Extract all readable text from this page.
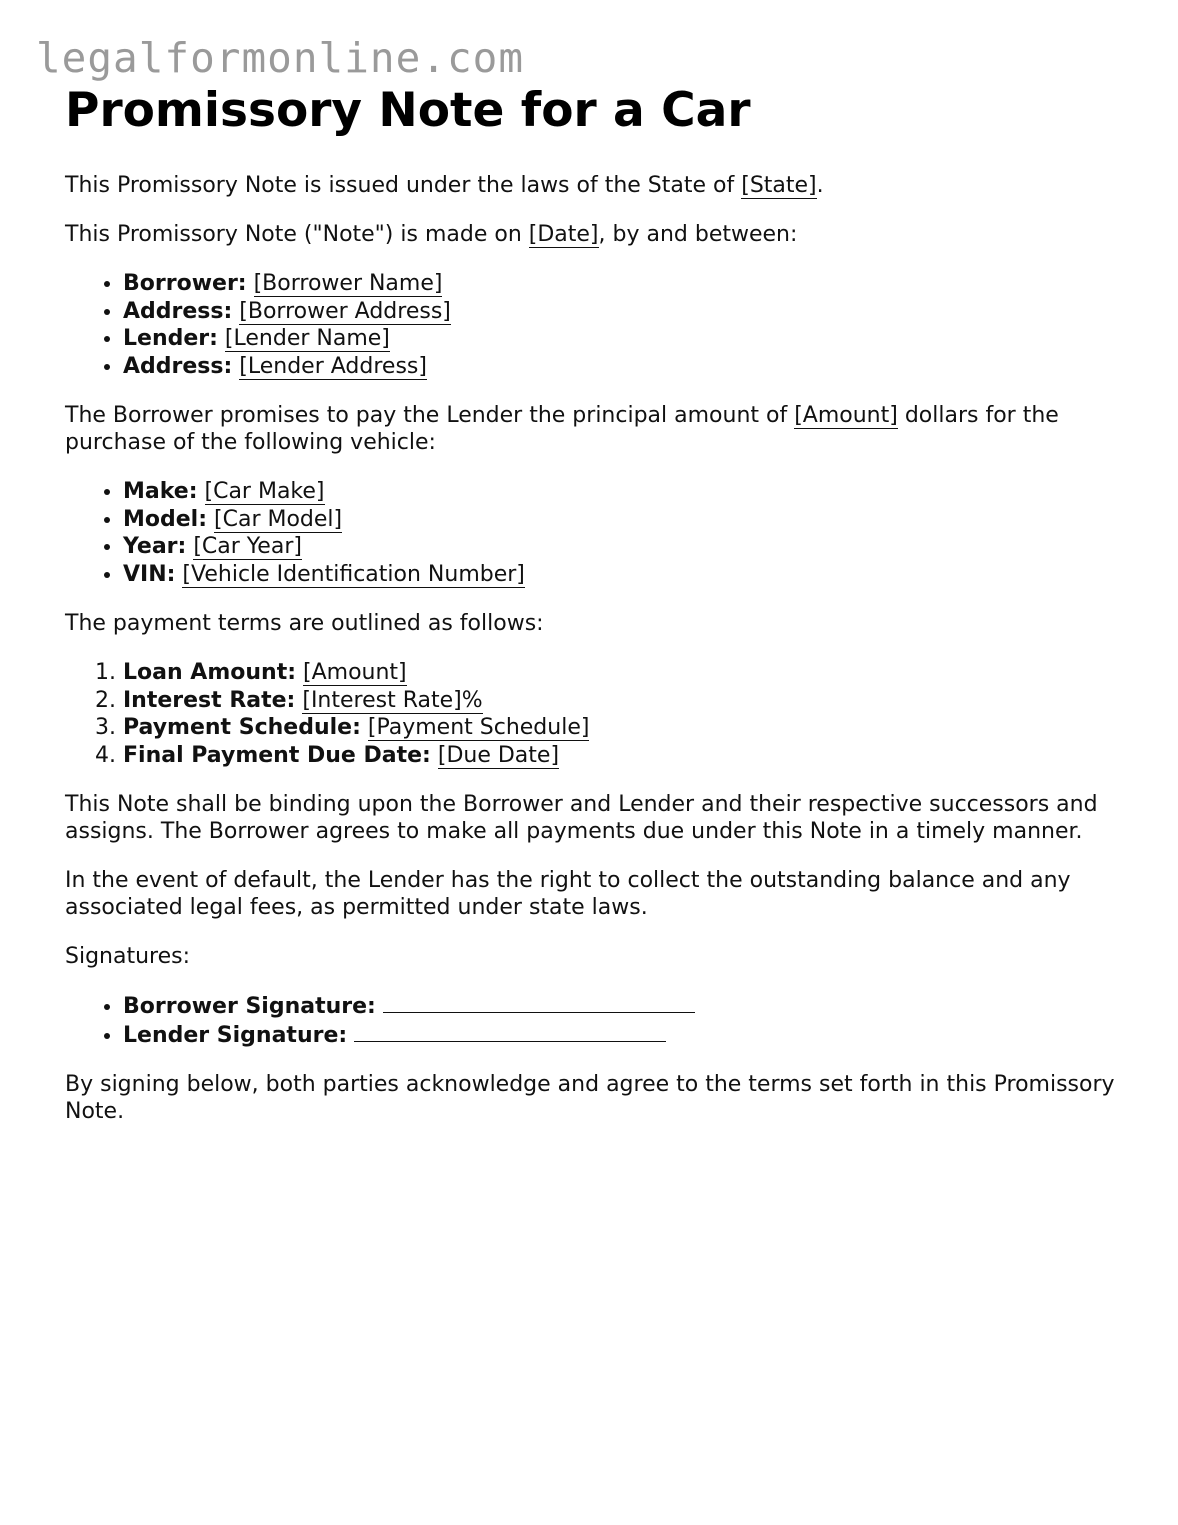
legalformonline.com
Promissory Note for a Car

This Promissory Note is issued under the laws of the State of [State].

This Promissory Note ("Note") is made on [Date], by and between:

• Borrower: [Borrower Name]
• Address: [Borrower Address]
• Lender: [Lender Name]
• Address: [Lender Address]

The Borrower promises to pay the Lender the principal amount of [Amount] dollars for the purchase of the following vehicle:

• Make: [Car Make]
• Model: [Car Model]
• Year: [Car Year]
• VIN: [Vehicle Identification Number]

The payment terms are outlined as follows:

1. Loan Amount: [Amount]
2. Interest Rate: [Interest Rate]%
3. Payment Schedule: [Payment Schedule]
4. Final Payment Due Date: [Due Date]

This Note shall be binding upon the Borrower and Lender and their respective successors and assigns. The Borrower agrees to make all payments due under this Note in a timely manner.

In the event of default, the Lender has the right to collect the outstanding balance and any associated legal fees, as permitted under state laws.

Signatures:

• Borrower Signature:
• Lender Signature:

By signing below, both parties acknowledge and agree to the terms set forth in this Promissory Note.
